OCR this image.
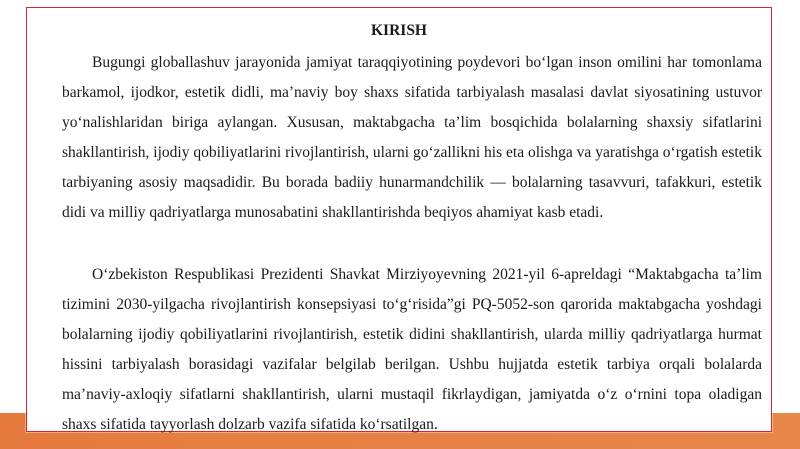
KIRISH

Bugungi globallashuv jarayonida jamiyat taraqqiyotining poydevori bo‘lgan inson omilini har tomonlama barkamol, ijodkor, estetik didli, ma’naviy boy shaxs sifatida tarbiyalash masalasi davlat siyosatining ustuvor yo‘nalishlaridan biriga aylangan. Xususan, maktabgacha ta’lim bosqichida bolalarning shaxsiy sifatlarini shakllantirish, ijodiy qobiliyatlarini rivojlantirish, ularni go‘zallikni his eta olishga va yaratishga o‘rgatish estetik tarbiyaning asosiy maqsadidir. Bu borada badiiy hunarmandchilik — bolalarning tasavvuri, tafakkuri, estetik didi va milliy qadriyatlarga munosabatini shakllantirishda beqiyos ahamiyat kasb etadi.

O‘zbekiston Respublikasi Prezidenti Shavkat Mirziyoyevning 2021-yil 6-apreldagi “Maktabgacha ta’lim tizimini 2030-yilgacha rivojlantirish konsepsiyasi to‘g‘risida”gi PQ-5052-son qarorida maktabgacha yoshdagi bolalarning ijodiy qobiliyatlarini rivojlantirish, estetik didini shakllantirish, ularda milliy qadriyatlarga hurmat hissini tarbiyalash borasidagi vazifalar belgilab berilgan. Ushbu hujjatda estetik tarbiya orqali bolalarda ma’naviy-axloqiy sifatlarni shakllantirish, ularni mustaqil fikrlaydigan, jamiyatda o‘z o‘rnini topa oladigan shaxs sifatida tayyorlash dolzarb vazifa sifatida ko‘rsatilgan.
